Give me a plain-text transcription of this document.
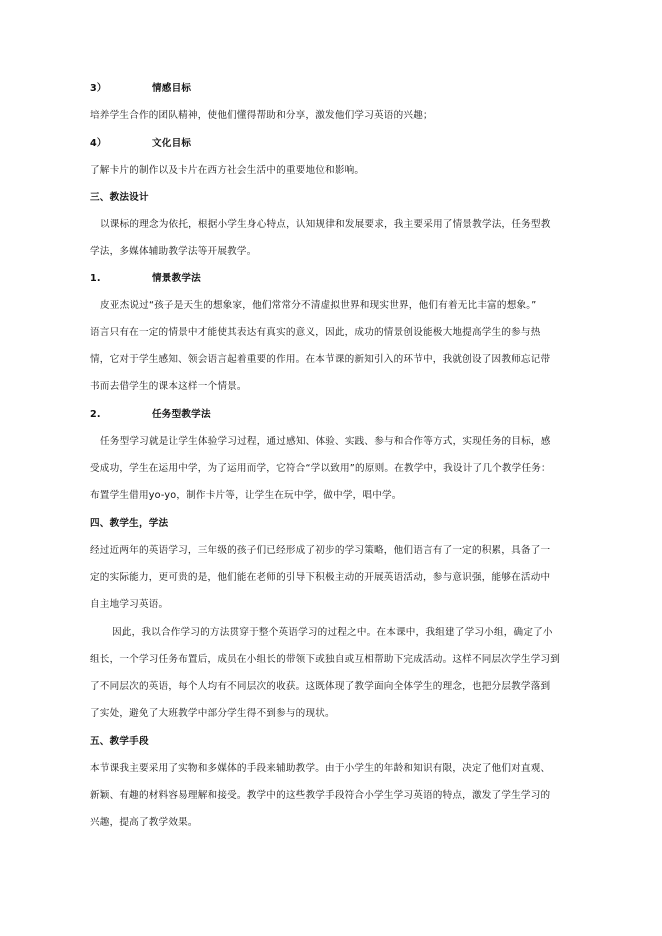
3）	情感目标
培养学生合作的团队精神，使他们懂得帮助和分享，激发他们学习英语的兴趣；
4）	文化目标
了解卡片的制作以及卡片在西方社会生活中的重要地位和影响。
三、教法设计
以课标的理念为依托，根据小学生身心特点，认知规律和发展要求，我主要采用了情景教学法，任务型教
学法，多媒体辅助教学法等开展教学。
1.	情景教学法
皮亚杰说过“孩子是天生的想象家，他们常常分不清虚拟世界和现实世界，他们有着无比丰富的想象。”
语言只有在一定的情景中才能使其表达有真实的意义，因此，成功的情景创设能极大地提高学生的参与热
情，它对于学生感知、领会语言起着重要的作用。在本节课的新知引入的环节中，我就创设了因教师忘记带
书而去借学生的课本这样一个情景。
2.	任务型教学法
任务型学习就是让学生体验学习过程，通过感知、体验、实践、参与和合作等方式，实现任务的目标，感
受成功，学生在运用中学，为了运用而学，它符合“学以致用”的原则。在教学中，我设计了几个教学任务：
布置学生借用yo-yo，制作卡片等，让学生在玩中学，做中学，唱中学。
四、教学生，学法
经过近两年的英语学习，三年级的孩子们已经形成了初步的学习策略，他们语言有了一定的积累，具备了一
定的实际能力，更可贵的是，他们能在老师的引导下积极主动的开展英语活动，参与意识强，能够在活动中
自主地学习英语。
因此，我以合作学习的方法贯穿于整个英语学习的过程之中。在本课中，我组建了学习小组，确定了小
组长，一个学习任务布置后，成员在小组长的带领下或独自或互相帮助下完成活动。这样不同层次学生学习到
了不同层次的英语，每个人均有不同层次的收获。这既体现了教学面向全体学生的理念，也把分层教学落到
了实处，避免了大班教学中部分学生得不到参与的现状。
五、教学手段
本节课我主要采用了实物和多媒体的手段来辅助教学。由于小学生的年龄和知识有限，决定了他们对直观、
新颖、有趣的材料容易理解和接受。教学中的这些教学手段符合小学生学习英语的特点，激发了学生学习的
兴趣，提高了教学效果。
